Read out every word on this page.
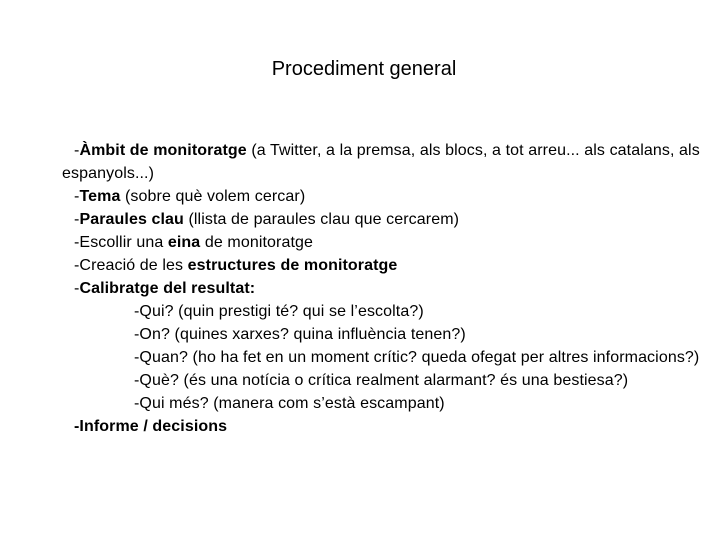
Procediment general
-Àmbit de monitoratge (a Twitter, a la premsa, als blocs, a tot arreu... als catalans, als espanyols...)
-Tema (sobre què volem cercar)
-Paraules clau (llista de paraules clau que cercarem)
-Escollir una eina de monitoratge
-Creació de les estructures de monitoratge
-Calibratge del resultat:
-Qui? (quin prestigi té? qui se l’escolta?)
-On? (quines xarxes? quina influència tenen?)
-Quan? (ho ha fet en un moment crític? queda ofegat per altres informacions?)
-Què? (és una notícia o crítica realment alarmant? és una bestiesa?)
-Qui més? (manera com s’està escampant)
-Informe / decisions
